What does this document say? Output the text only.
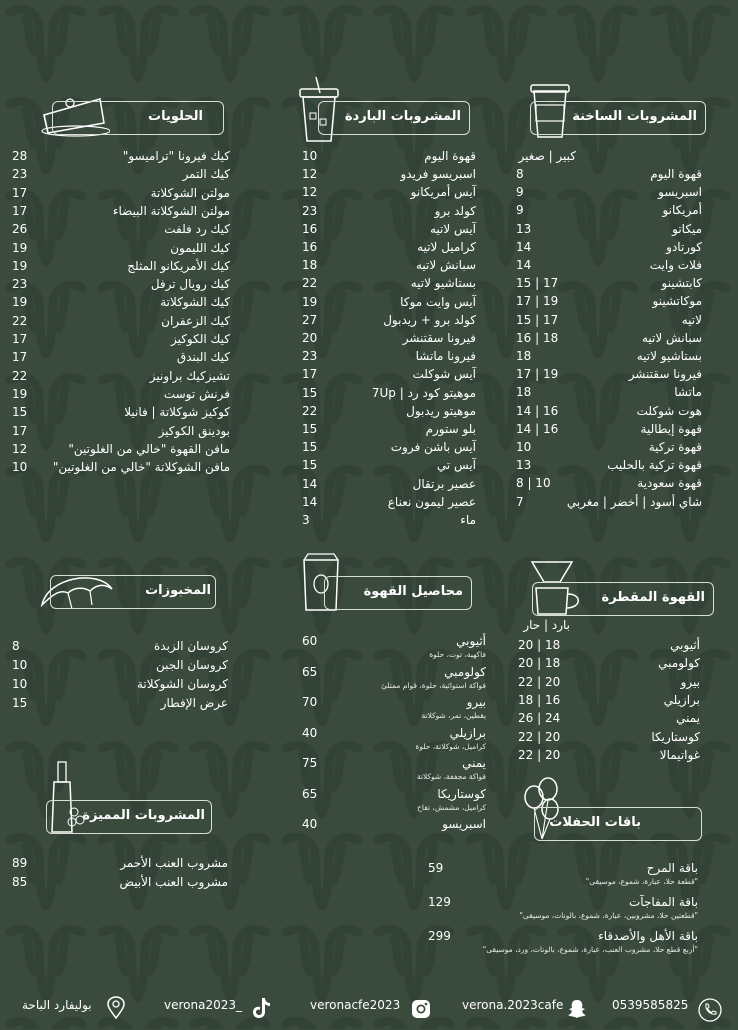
المشروبات الساخنة
كبير | صغير
قهوة اليوم
8
اسبريسو
9
أمريكانو
9
ميكاتو
13
كورتادو
14
فلات وايت
14
كابتشينو
15 | 17
موكاتشينو
17 | 19
لاتيه
15 | 17
سبانش لاتيه
16 | 18
بستاشيو لاتيه
18
فيرونا سقتنشر
17 | 19
ماتشا
18
هوت شوكلت
14 | 16
قهوة إيطالية
14 | 16
قهوة تركية
10
قهوة تركية بالحليب
13
قهوة سعودية
8 | 10
شاي أسود | أخضر | مغربي
7
المشروبات الباردة
قهوة اليوم
10
اسبريسو فريدو
12
آيس أمريكانو
12
كولد برو
23
آيس لاتيه
16
كراميل لاتيه
16
سبانش لاتيه
18
بستاشيو لاتيه
22
آيس وايت موكا
19
كولد برو + ريدبول
27
فيرونا سقتنشر
20
فيرونا ماتشا
23
آيس شوكلت
17
موهيتو كود رد | 7Up
15
موهيتو ريدبول
22
بلو ستورم
15
آيس باشن فروت
15
آيس تي
15
عصير برتقال
14
عصير ليمون نعناع
14
ماء
3
الحلويات
كيك فيرونا "تراميسو"
28
كيك التمر
23
مولتن الشوكلاتة
17
مولتن الشوكلاتة البيضاء
17
كيك رد فلفت
26
كيك الليمون
19
كيك الأمريكانو المثلج
19
كيك رويال ترفل
23
كيك الشوكلاتة
19
كيك الزعفران
22
كيك الكوكيز
17
كيك البندق
17
تشيزكيك براونيز
22
فرنش توست
19
كوكيز شوكلاتة | فانيلا
15
بودينق الكوكيز
17
مافن القهوة "خالي من الغلوتين"
12
مافن الشوكلاتة "خالي من الغلوتين"
10
القهوة المقطرة
بارد | حار
أثيوبي
20 | 18
كولومبي
20 | 18
بيرو
22 | 20
برازيلي
18 | 16
يمني
26 | 24
كوستاريكا
22 | 20
غواتيمالا
22 | 20
محاصيل القهوة
أثيوبي
60
فاكهية، توت، حلوة
كولومبي
65
فواكة استوائية، حلوة، قوام ممتلئ
بيرو
70
يقطين، تمر، شوكلاتة
برازيلي
40
كراميل، شوكلاتة، حلوة
يمني
75
فواكة مجففة، شوكلاتة
كوستاريكا
65
كراميل، مشمش، تفاح
اسبريسو
40
المخبوزات
كروسان الزبدة
8
كروسان الجبن
10
كروسان الشوكلاتة
10
عرض الإفطار
15
المشروبات المميزة
مشروب العنب الأحمر
89
مشروب العنب الأبيض
85
باقات الحفلات
باقة المرح
59
"قطعة حلا، عبارة، شموع، موسيقى"
باقة المفاجآت
129
"قطعتين حلا، مشروبين، عبارة، شموع، بالونات، موسيقى"
باقة الأهل والأصدقاء
299
"أربع قطع حلا، مشروب العنب، عبارة، شموع، بالونات، ورد، موسيقى"
0539585825
verona.2023cafe
veronacfe2023
verona2023_
بوليفارد الباحة
